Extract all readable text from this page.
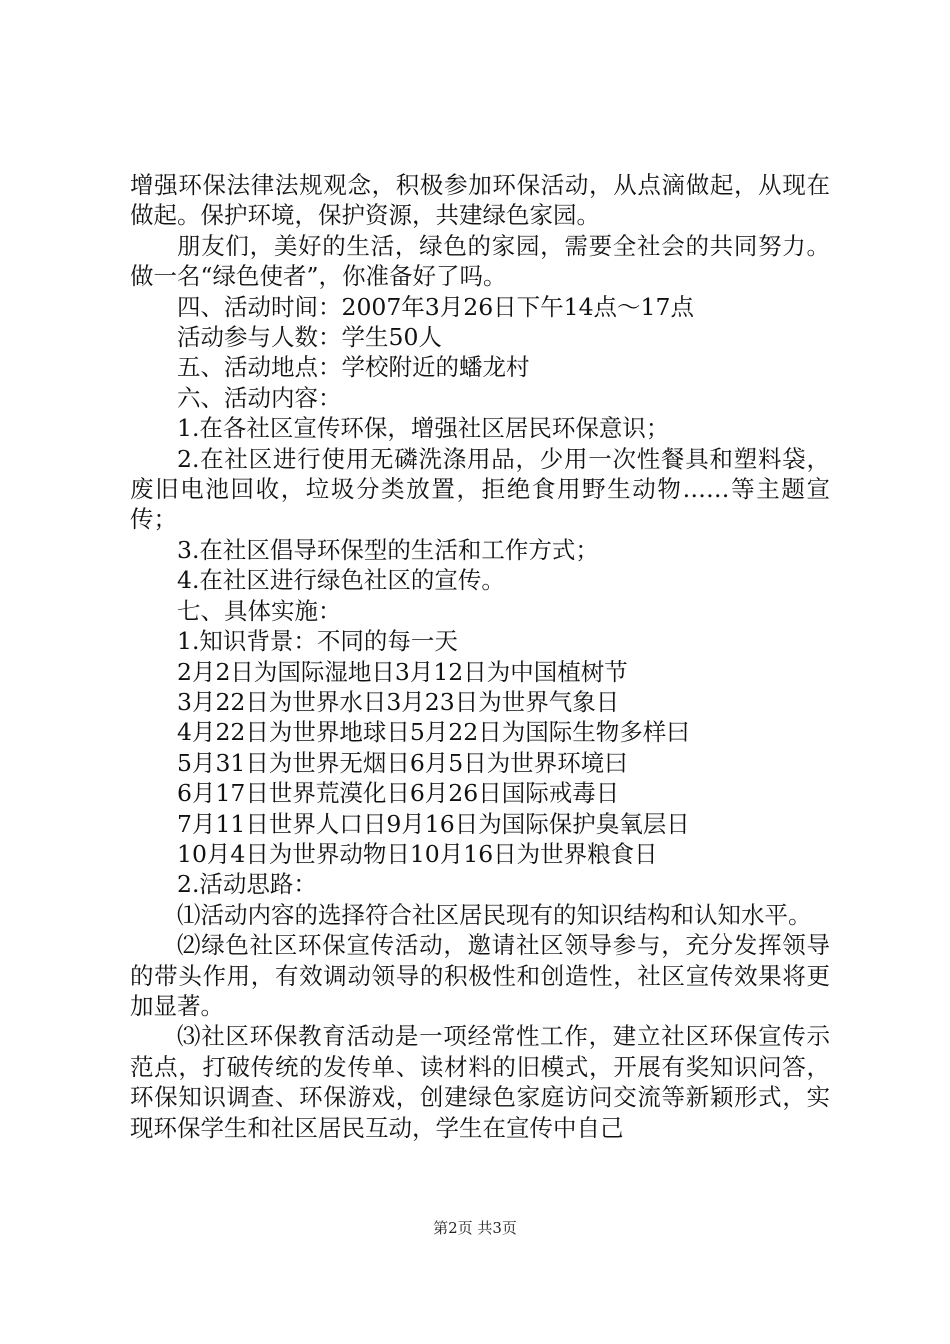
增强环保法律法规观念，积极参加环保活动，从点滴做起，从现在做起。保护环境，保护资源，共建绿色家园。

朋友们，美好的生活，绿色的家园，需要全社会的共同努力。做一名“绿色使者”，你准备好了吗。

四、活动时间：2007年3月26日下午14点～17点

活动参与人数：学生50人

五、活动地点：学校附近的蟠龙村

六、活动内容：

1.在各社区宣传环保，增强社区居民环保意识；

2.在社区进行使用无磷洗涤用品，少用一次性餐具和塑料袋，废旧电池回收，垃圾分类放置，拒绝食用野生动物……等主题宣传；

3.在社区倡导环保型的生活和工作方式；

4.在社区进行绿色社区的宣传。

七、具体实施：

1.知识背景：不同的每一天

2月2日为国际湿地日3月12日为中国植树节

3月22日为世界水日3月23日为世界气象日

4月22日为世界地球日5月22日为国际生物多样曰

5月31日为世界无烟日6月5日为世界环境曰

6月17日世界荒漠化日6月26日国际戒毒日

7月11日世界人口日9月16日为国际保护臭氧层日

10月4日为世界动物日10月16日为世界粮食日

2.活动思路：

⑴活动内容的选择符合社区居民现有的知识结构和认知水平。

⑵绿色社区环保宣传活动，邀请社区领导参与，充分发挥领导的带头作用，有效调动领导的积极性和创造性，社区宣传效果将更加显著。

⑶社区环保教育活动是一项经常性工作，建立社区环保宣传示范点，打破传统的发传单、读材料的旧模式，开展有奖知识问答，环保知识调查、环保游戏，创建绿色家庭访问交流等新颖形式，实现环保学生和社区居民互动，学生在宣传中自己

第2页 共3页
